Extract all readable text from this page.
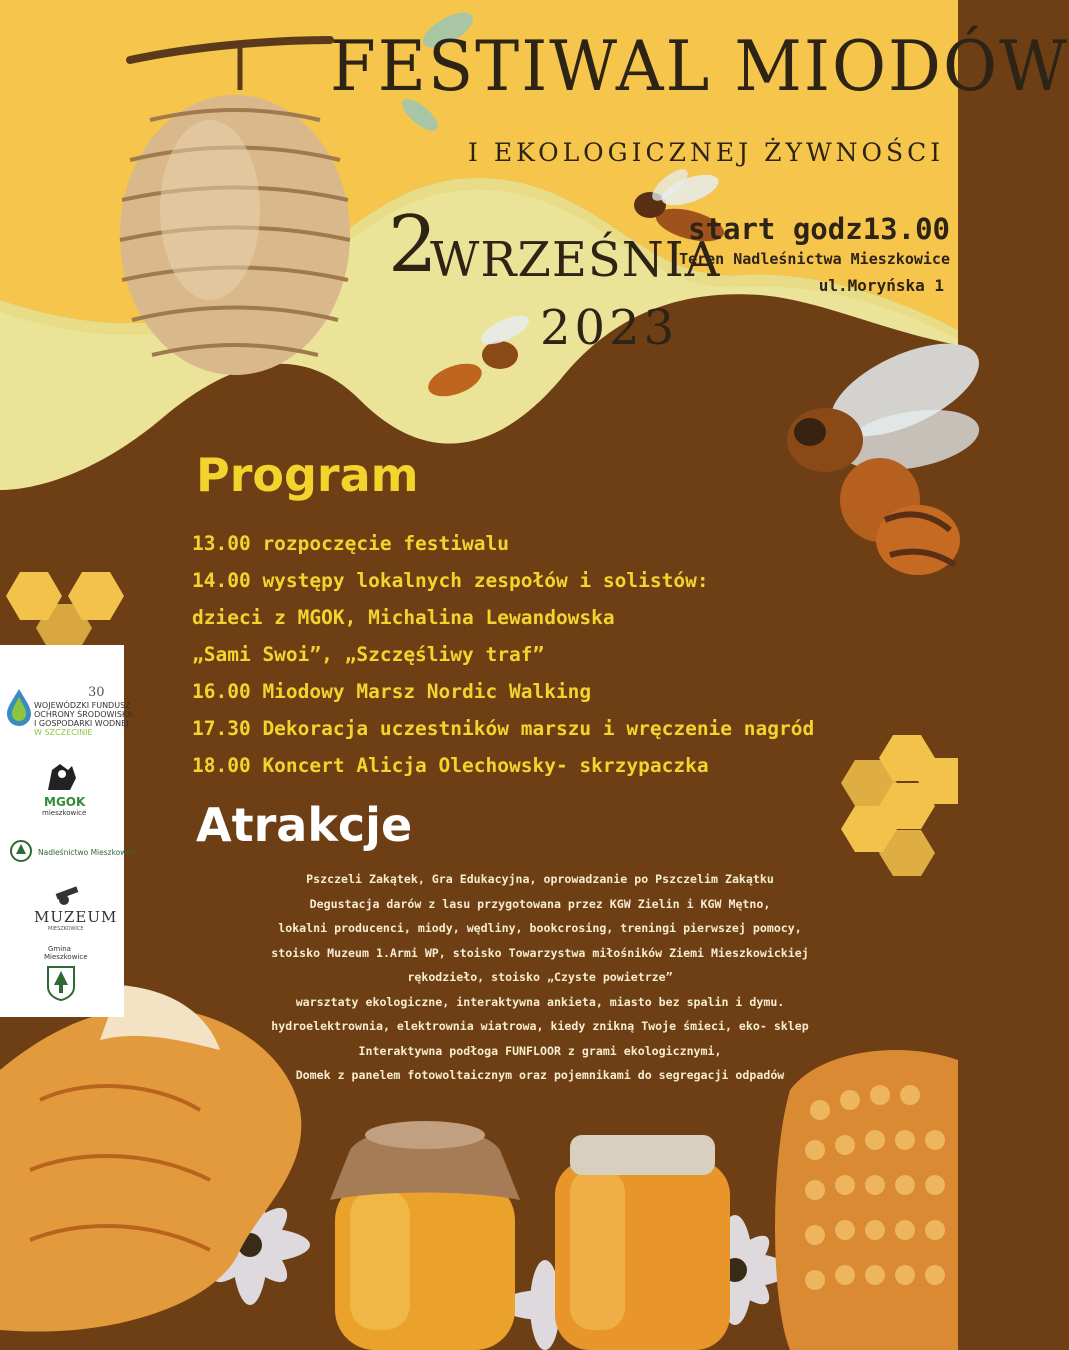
FESTIWAL MIODÓW
I EKOLOGICZNEJ ŻYWNOŚCI
2
WRZEŚNIA
2023
start godz13.00
Teren Nadleśnictwa Mieszkowice
ul.Moryńska 1
Program
13.00 rozpoczęcie festiwalu
14.00 występy lokalnych zespołów i solistów:
dzieci z MGOK, Michalina Lewandowska
„Sami Swoi”, „Szczęśliwy traf”
16.00 Miodowy Marsz Nordic Walking
17.30 Dekoracja uczestników marszu i wręczenie nagród
18.00 Koncert Alicja Olechowsky- skrzypaczka
Atrakcje
Pszczeli Zakątek, Gra Edukacyjna, oprowadzanie po Pszczelim Zakątku
Degustacja darów z lasu przygotowana przez KGW Zielin i KGW Mętno,
lokalni producenci, miody, wędliny, bookcrosing, treningi pierwszej pomocy,
stoisko Muzeum 1.Armi WP, stoisko Towarzystwa miłośników Ziemi Mieszkowickiej
rękodzieło, stoisko „Czyste powietrze”
warsztaty ekologiczne, interaktywna ankieta, miasto bez spalin i dymu.
hydroelektrownia, elektrownia wiatrowa, kiedy znikną Twoje śmieci, eko- sklep
Interaktywna podłoga FUNFLOOR z grami ekologicznymi,
Domek z panelem fotowoltaicznym oraz pojemnikami do segregacji odpadów
30
WOJEWÓDZKI FUNDUSZ
OCHRONY ŚRODOWISKA
I GOSPODARKI WODNEJ
W SZCZECINIE
MGOK
mieszkowice
Nadleśnictwo Mieszkowice
MUZEUM
MIESZKOWICE
Gmina
Mieszkowice
